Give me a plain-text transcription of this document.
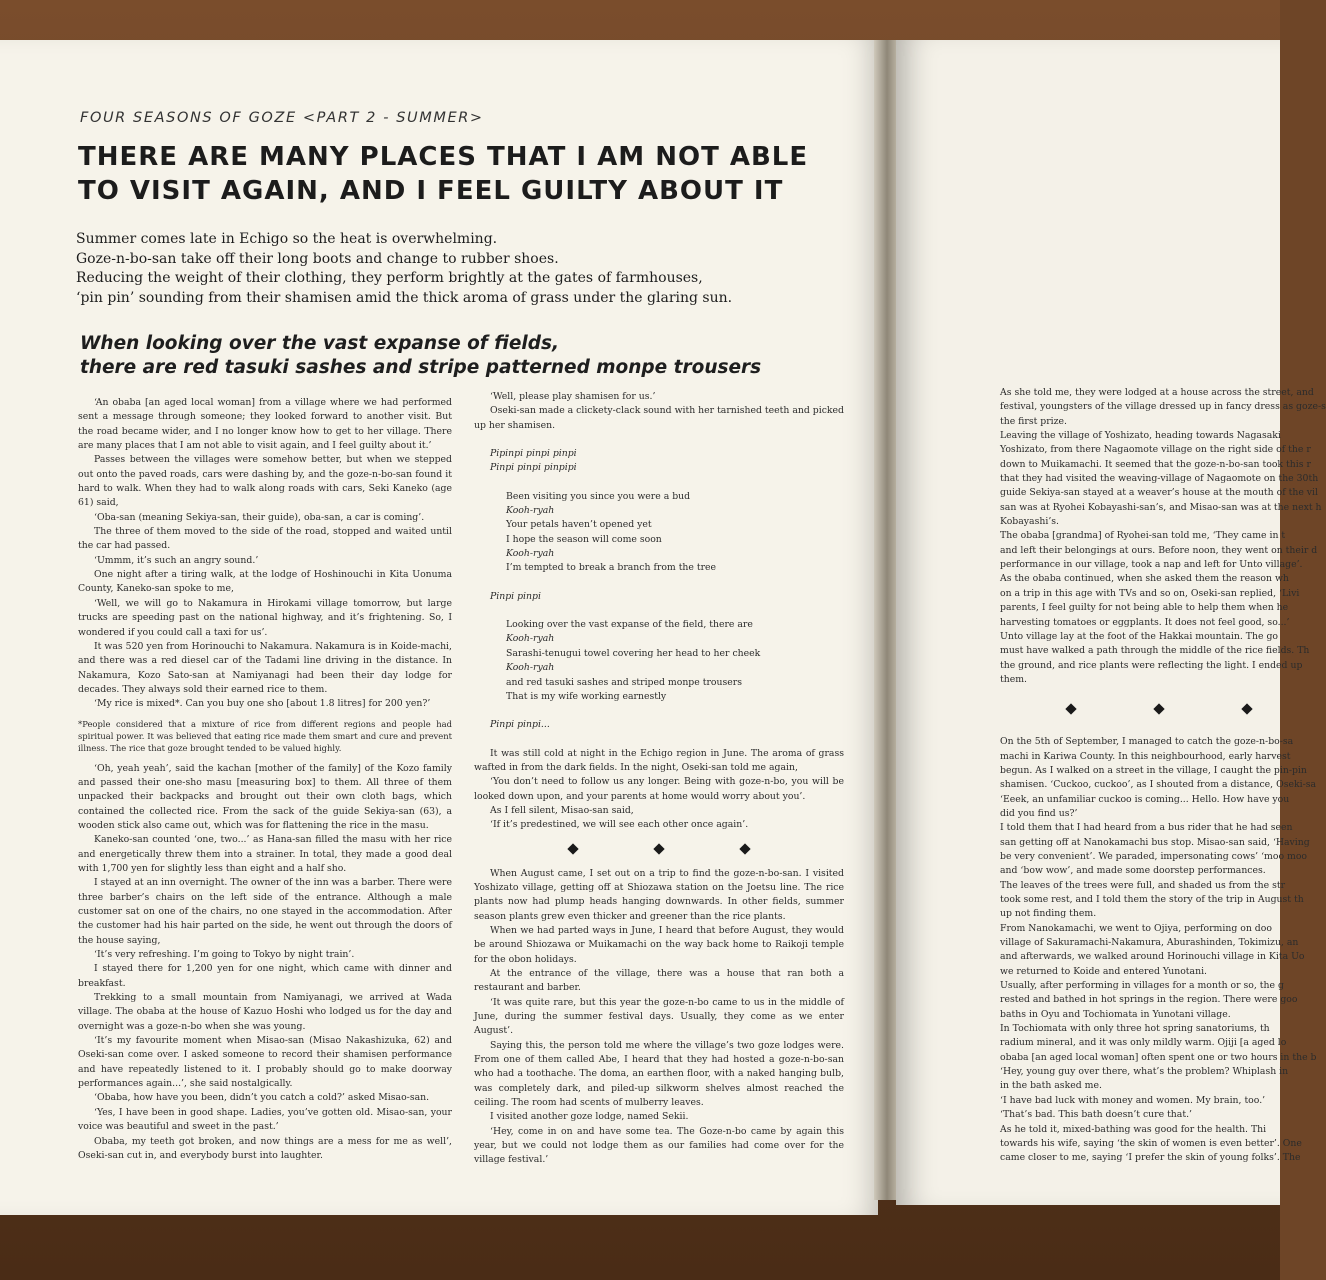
FOUR SEASONS OF GOZE <PART 2 - SUMMER>

THERE ARE MANY PLACES THAT I AM NOT ABLE TO VISIT AGAIN, AND I FEEL GUILTY ABOUT IT

Summer comes late in Echigo so the heat is overwhelming.

Goze-n-bo-san take off their long boots and change to rubber shoes.

Reducing the weight of their clothing, they perform brightly at the gates of farmhouses,

‘pin pin’ sounding from their shamisen amid the thick aroma of grass under the glaring sun.

When looking over the vast expanse of fields,
there are red tasuki sashes and stripe patterned monpe trousers

‘An obaba [an aged local woman] from a village where we had performed sent a message through someone; they looked forward to another visit. But the road became wider, and I no longer know how to get to her village. There are many places that I am not able to visit again, and I feel guilty about it.’

Passes between the villages were somehow better, but when we stepped out onto the paved roads, cars were dashing by, and the goze-n-bo-san found it hard to walk. When they had to walk along roads with cars, Seki Kaneko (age 61) said,

‘Oba-san (meaning Sekiya-san, their guide), oba-san, a car is coming’.

The three of them moved to the side of the road, stopped and waited until the car had passed.

‘Ummm, it’s such an angry sound.’

One night after a tiring walk, at the lodge of Hoshinouchi in Kita Uonuma County, Kaneko-san spoke to me,

‘Well, we will go to Nakamura in Hirokami village tomorrow, but large trucks are speeding past on the national highway, and it’s frightening. So, I wondered if you could call a taxi for us’.

It was 520 yen from Horinouchi to Nakamura. Nakamura is in Koide-machi, and there was a red diesel car of the Tadami line driving in the distance. In Nakamura, Kozo Sato-san at Namiyanagi had been their day lodge for decades. They always sold their earned rice to them.

‘My rice is mixed*. Can you buy one sho [about 1.8 litres] for 200 yen?’

*People considered that a mixture of rice from different regions and people had spiritual power. It was believed that eating rice made them smart and cure and prevent illness. The rice that goze brought tended to be valued highly.

‘Oh, yeah yeah’, said the kachan [mother of the family] of the Kozo family and passed their one-sho masu [measuring box] to them. All three of them unpacked their backpacks and brought out their own cloth bags, which contained the collected rice. From the sack of the guide Sekiya-san (63), a wooden stick also came out, which was for flattening the rice in the masu.

Kaneko-san counted ‘one, two...’ as Hana-san filled the masu with her rice and energetically threw them into a strainer. In total, they made a good deal with 1,700 yen for slightly less than eight and a half sho.

I stayed at an inn overnight. The owner of the inn was a barber. There were three barber’s chairs on the left side of the entrance. Although a male customer sat on one of the chairs, no one stayed in the accommodation. After the customer had his hair parted on the side, he went out through the doors of the house saying,

‘It’s very refreshing. I’m going to Tokyo by night train’.

I stayed there for 1,200 yen for one night, which came with dinner and breakfast.

Trekking to a small mountain from Namiyanagi, we arrived at Wada village. The obaba at the house of Kazuo Hoshi who lodged us for the day and overnight was a goze-n-bo when she was young.

‘It’s my favourite moment when Misao-san (Misao Nakashizuka, 62) and Oseki-san come over. I asked someone to record their shamisen performance and have repeatedly listened to it. I probably should go to make doorway performances again...’, she said nostalgically.

‘Obaba, how have you been, didn’t you catch a cold?’ asked Misao-san.

‘Yes, I have been in good shape. Ladies, you’ve gotten old. Misao-san, your voice was beautiful and sweet in the past.’

Obaba, my teeth got broken, and now things are a mess for me as well’, Oseki-san cut in, and everybody burst into laughter.

‘Well, please play shamisen for us.’

Oseki-san made a clickety-clack sound with her tarnished teeth and picked up her shamisen.

Pipinpi pinpi pinpi
Pinpi pinpi pinpipi
Been visiting you since you were a bud
Kooh-ryah
Your petals haven’t opened yet
I hope the season will come soon
Kooh-ryah
I’m tempted to break a branch from the tree
Pinpi pinpi
Looking over the vast expanse of the field, there are
Kooh-ryah
Sarashi-tenugui towel covering her head to her cheek
Kooh-ryah
and red tasuki sashes and striped monpe trousers
That is my wife working earnestly
Pinpi pinpi...

It was still cold at night in the Echigo region in June. The aroma of grass wafted in from the dark fields. In the night, Oseki-san told me again,

‘You don’t need to follow us any longer. Being with goze-n-bo, you will be looked down upon, and your parents at home would worry about you’.

As I fell silent, Misao-san said,

‘If it’s predestined, we will see each other once again’.

When August came, I set out on a trip to find the goze-n-bo-san. I visited Yoshizato village, getting off at Shiozawa station on the Joetsu line. The rice plants now had plump heads hanging downwards. In other fields, summer season plants grew even thicker and greener than the rice plants.

When we had parted ways in June, I heard that before August, they would be around Shiozawa or Muikamachi on the way back home to Raikoji temple for the obon holidays.

At the entrance of the village, there was a house that ran both a restaurant and barber.

‘It was quite rare, but this year the goze-n-bo came to us in the middle of June, during the summer festival days. Usually, they come as we enter August’.

Saying this, the person told me where the village’s two goze lodges were. From one of them called Abe, I heard that they had hosted a goze-n-bo-san who had a toothache. The doma, an earthen floor, with a naked hanging bulb, was completely dark, and piled-up silkworm shelves almost reached the ceiling. The room had scents of mulberry leaves.

I visited another goze lodge, named Sekii.

‘Hey, come in on and have some tea. The Goze-n-bo came by again this year, but we could not lodge them as our families had come over for the village festival.’

As she told me, they were lodged at a house across the street, and

festival, youngsters of the village dressed up in fancy dress as goze-s

the first prize.

Leaving the village of Yoshizato, heading towards Nagasaki

Yoshizato, from there Nagaomote village on the right side of the r

down to Muikamachi. It seemed that the goze-n-bo-san took this r

that they had visited the weaving-village of Nagaomote on the 30th

guide Sekiya-san stayed at a weaver’s house at the mouth of the vil

san was at Ryohei Kobayashi-san’s, and Misao-san was at the next h

Kobayashi’s.

The obaba [grandma] of Ryohei-san told me, ‘They came in t

and left their belongings at ours. Before noon, they went on their d

performance in our village, took a nap and left for Unto village’.

As the obaba continued, when she asked them the reason wh

on a trip in this age with TVs and so on, Oseki-san replied, ‘Livi

parents, I feel guilty for not being able to help them when he

harvesting tomatoes or eggplants. It does not feel good, so...’

Unto village lay at the foot of the Hakkai mountain. The go

must have walked a path through the middle of the rice fields. Th

the ground, and rice plants were reflecting the light. I ended up

them.

On the 5th of September, I managed to catch the goze-n-bo-sa

machi in Kariwa County. In this neighbourhood, early harvest

begun. As I walked on a street in the village, I caught the pin-pin

shamisen. ‘Cuckoo, cuckoo’, as I shouted from a distance, Oseki-sa

‘Eeek, an unfamiliar cuckoo is coming... Hello. How have you

did you find us?’

I told them that I had heard from a bus rider that he had seen

san getting off at Nanokamachi bus stop. Misao-san said, ‘Having

be very convenient’. We paraded, impersonating cows’ ‘moo moo

and ‘bow wow’, and made some doorstep performances.

The leaves of the trees were full, and shaded us from the str

took some rest, and I told them the story of the trip in August th

up not finding them.

From Nanokamachi, we went to Ojiya, performing on doo

village of Sakuramachi-Nakamura, Aburashinden, Tokimizu, an

and afterwards, we walked around Horinouchi village in Kita Uo

we returned to Koide and entered Yunotani.

Usually, after performing in villages for a month or so, the g

rested and bathed in hot springs in the region. There were goo

baths in Oyu and Tochiomata in Yunotani village.

In Tochiomata with only three hot spring sanatoriums, th

radium mineral, and it was only mildly warm. Ojiji [a aged lo

obaba [an aged local woman] often spent one or two hours in the b

‘Hey, young guy over there, what’s the problem? Whiplash in

in the bath asked me.

‘I have bad luck with money and women. My brain, too.’

‘That’s bad. This bath doesn’t cure that.’

As he told it, mixed-bathing was good for the health. Thi

towards his wife, saying ‘the skin of women is even better’. One

came closer to me, saying ‘I prefer the skin of young folks’. The
